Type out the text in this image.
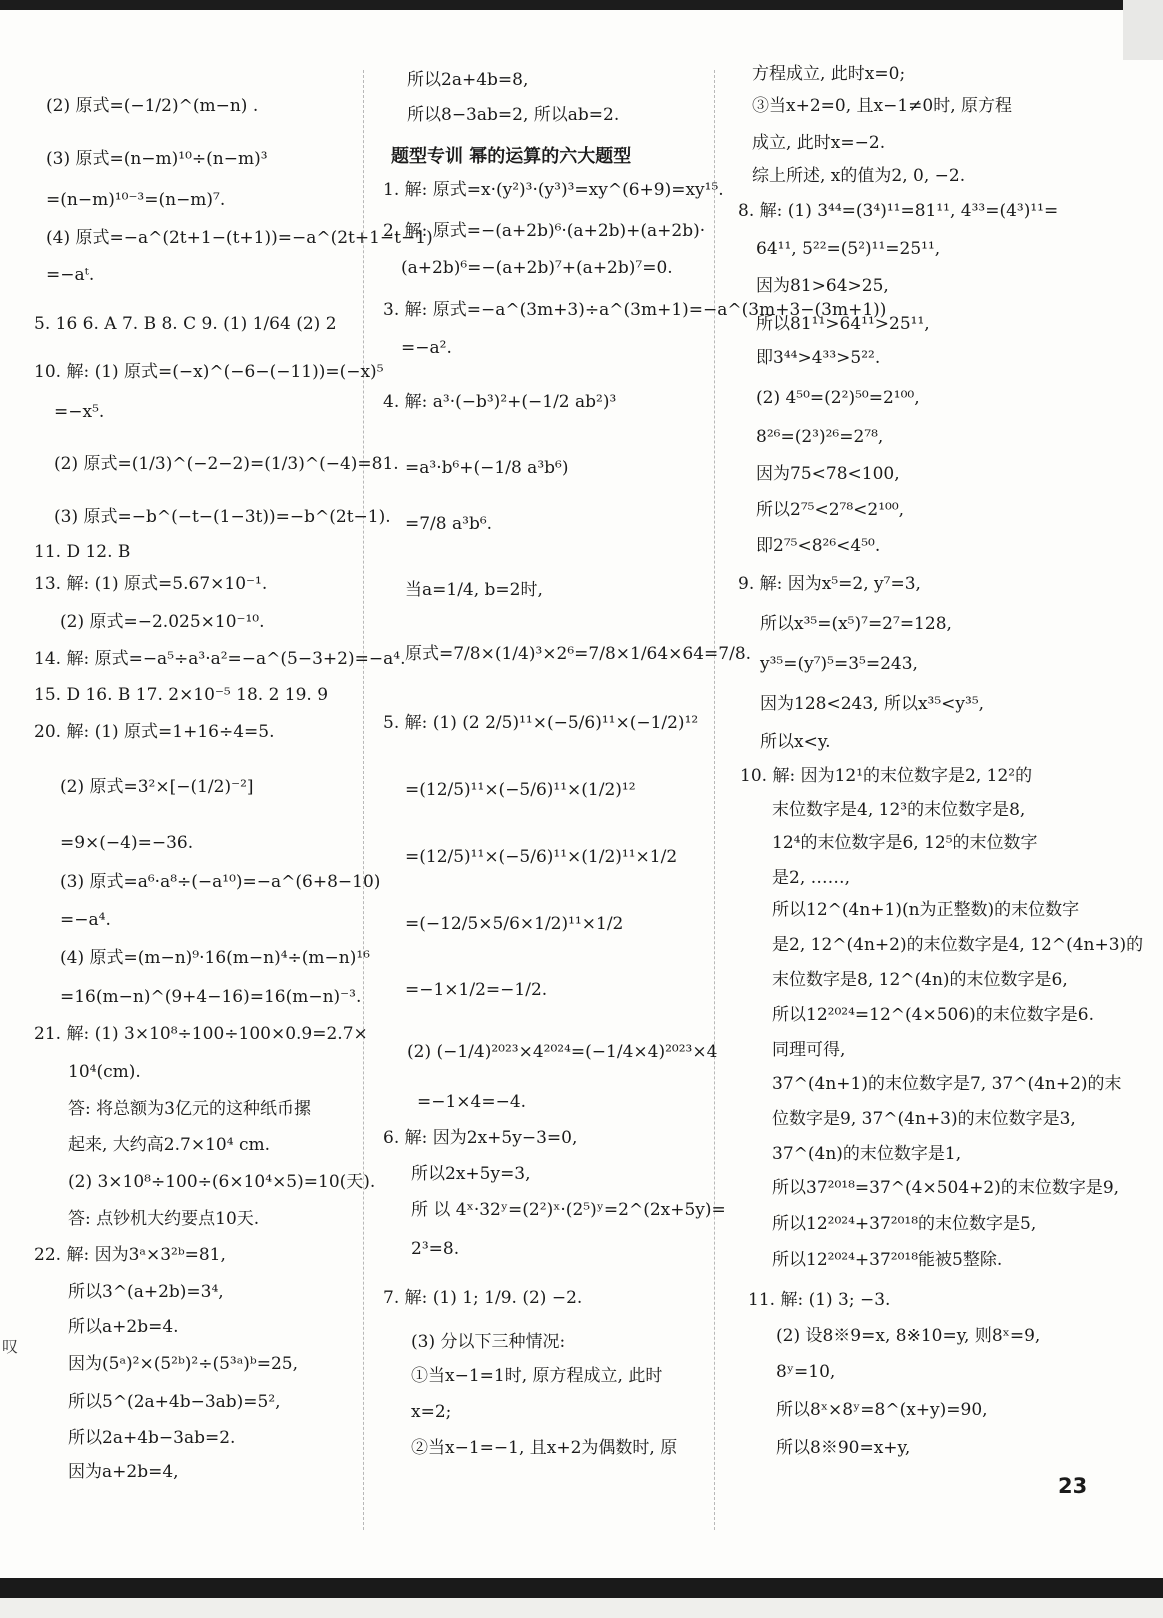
(2) 原式=(−1/2)^(m−n) .
(3) 原式=(n−m)¹⁰÷(n−m)³
=(n−m)¹⁰⁻³=(n−m)⁷.
(4) 原式=−a^(2t+1−(t+1))=−a^(2t+1−t−1)
=−aᵗ.
5. 16 6. A 7. B 8. C 9. (1) 1/64 (2) 2
10. 解: (1) 原式=(−x)^(−6−(−11))=(−x)⁵
=−x⁵.
(2) 原式=(1/3)^(−2−2)=(1/3)^(−4)=81.
(3) 原式=−b^(−t−(1−3t))=−b^(2t−1).
11. D 12. B
13. 解: (1) 原式=5.67×10⁻¹.
(2) 原式=−2.025×10⁻¹⁰.
14. 解: 原式=−a⁵÷a³·a²=−a^(5−3+2)=−a⁴.
15. D 16. B 17. 2×10⁻⁵ 18. 2 19. 9
20. 解: (1) 原式=1+16÷4=5.
(2) 原式=3²×[−(1/2)⁻²]
=9×(−4)=−36.
(3) 原式=a⁶·a⁸÷(−a¹⁰)=−a^(6+8−10)
=−a⁴.
(4) 原式=(m−n)⁹·16(m−n)⁴÷(m−n)¹⁶
=16(m−n)^(9+4−16)=16(m−n)⁻³.
21. 解: (1) 3×10⁸÷100÷100×0.9=2.7×
10⁴(cm).
答: 将总额为3亿元的这种纸币摞
起来, 大约高2.7×10⁴ cm.
(2) 3×10⁸÷100÷(6×10⁴×5)=10(天).
答: 点钞机大约要点10天.
22. 解: 因为3ᵃ×3²ᵇ=81,
所以3^(a+2b)=3⁴,
所以a+2b=4.
因为(5ᵃ)²×(5²ᵇ)²÷(5³ᵃ)ᵇ=25,
所以5^(2a+4b−3ab)=5²,
所以2a+4b−3ab=2.
因为a+2b=4,
所以2a+4b=8,
所以8−3ab=2, 所以ab=2.
题型专训 幂的运算的六大题型
1. 解: 原式=x·(y²)³·(y³)³=xy^(6+9)=xy¹⁵.
2. 解: 原式=−(a+2b)⁶·(a+2b)+(a+2b)·
(a+2b)⁶=−(a+2b)⁷+(a+2b)⁷=0.
3. 解: 原式=−a^(3m+3)÷a^(3m+1)=−a^(3m+3−(3m+1))
=−a².
4. 解: a³·(−b³)²+(−1/2 ab²)³
=a³·b⁶+(−1/8 a³b⁶)
=7/8 a³b⁶.
当a=1/4, b=2时,
原式=7/8×(1/4)³×2⁶=7/8×1/64×64=7/8.
5. 解: (1) (2 2/5)¹¹×(−5/6)¹¹×(−1/2)¹²
=(12/5)¹¹×(−5/6)¹¹×(1/2)¹²
=(12/5)¹¹×(−5/6)¹¹×(1/2)¹¹×1/2
=(−12/5×5/6×1/2)¹¹×1/2
=−1×1/2=−1/2.
(2) (−1/4)²⁰²³×4²⁰²⁴=(−1/4×4)²⁰²³×4
=−1×4=−4.
6. 解: 因为2x+5y−3=0,
所以2x+5y=3,
所 以 4ˣ·32ʸ=(2²)ˣ·(2⁵)ʸ=2^(2x+5y)=
2³=8.
7. 解: (1) 1; 1/9. (2) −2.
(3) 分以下三种情况:
①当x−1=1时, 原方程成立, 此时
x=2;
②当x−1=−1, 且x+2为偶数时, 原
方程成立, 此时x=0;
③当x+2=0, 且x−1≠0时, 原方程
成立, 此时x=−2.
综上所述, x的值为2, 0, −2.
8. 解: (1) 3⁴⁴=(3⁴)¹¹=81¹¹, 4³³=(4³)¹¹=
64¹¹, 5²²=(5²)¹¹=25¹¹,
因为81>64>25,
所以81¹¹>64¹¹>25¹¹,
即3⁴⁴>4³³>5²².
(2) 4⁵⁰=(2²)⁵⁰=2¹⁰⁰,
8²⁶=(2³)²⁶=2⁷⁸,
因为75<78<100,
所以2⁷⁵<2⁷⁸<2¹⁰⁰,
即2⁷⁵<8²⁶<4⁵⁰.
9. 解: 因为x⁵=2, y⁷=3,
所以x³⁵=(x⁵)⁷=2⁷=128,
y³⁵=(y⁷)⁵=3⁵=243,
因为128<243, 所以x³⁵<y³⁵,
所以x<y.
10. 解: 因为12¹的末位数字是2, 12²的
末位数字是4, 12³的末位数字是8,
12⁴的末位数字是6, 12⁵的末位数字
是2, ……,
所以12^(4n+1)(n为正整数)的末位数字
是2, 12^(4n+2)的末位数字是4, 12^(4n+3)的
末位数字是8, 12^(4n)的末位数字是6,
所以12²⁰²⁴=12^(4×506)的末位数字是6.
同理可得,
37^(4n+1)的末位数字是7, 37^(4n+2)的末
位数字是9, 37^(4n+3)的末位数字是3,
37^(4n)的末位数字是1,
所以37²⁰¹⁸=37^(4×504+2)的末位数字是9,
所以12²⁰²⁴+37²⁰¹⁸的末位数字是5,
所以12²⁰²⁴+37²⁰¹⁸能被5整除.
11. 解: (1) 3; −3.
(2) 设8※9=x, 8※10=y, 则8ˣ=9,
8ʸ=10,
所以8ˣ×8ʸ=8^(x+y)=90,
所以8※90=x+y,
叹
23
